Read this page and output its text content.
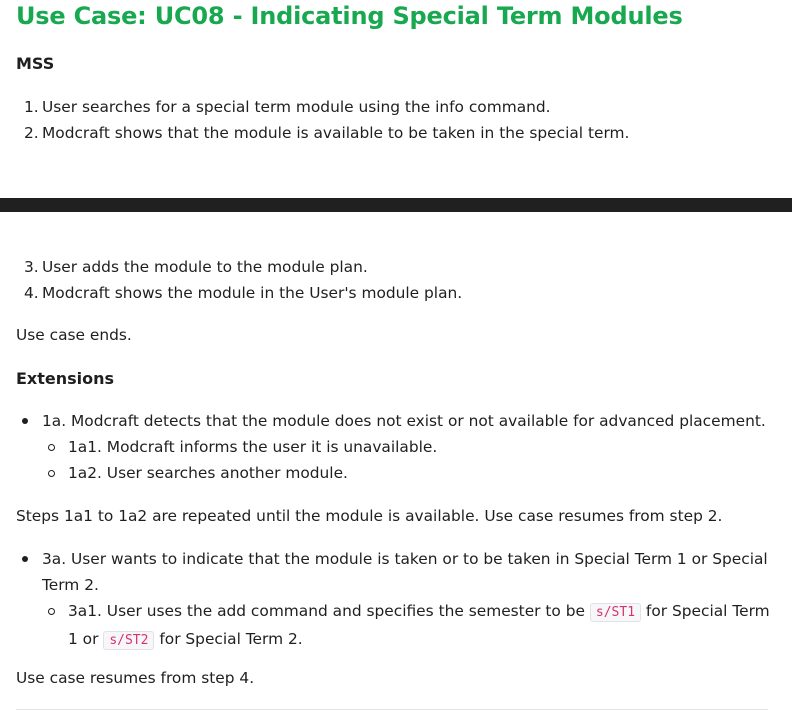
Use Case: UC08 - Indicating Special Term Modules
MSS
1. User searches for a special term module using the info command.
2. Modcraft shows that the module is available to be taken in the special term.
3. User adds the module to the module plan.
4. Modcraft shows the module in the User's module plan.

Use case ends.

Extensions
1a. Modcraft detects that the module does not exist or not available for advanced placement.
1a1. Modcraft informs the user it is unavailable.
1a2. User searches another module.

Steps 1a1 to 1a2 are repeated until the module is available. Use case resumes from step 2.

3a. User wants to indicate that the module is taken or to be taken in Special Term 1 or Special
Term 2.
3a1. User uses the add command and specifies the semester to be s/ST1 for Special Term
1 or s/ST2 for Special Term 2.

Use case resumes from step 4.
